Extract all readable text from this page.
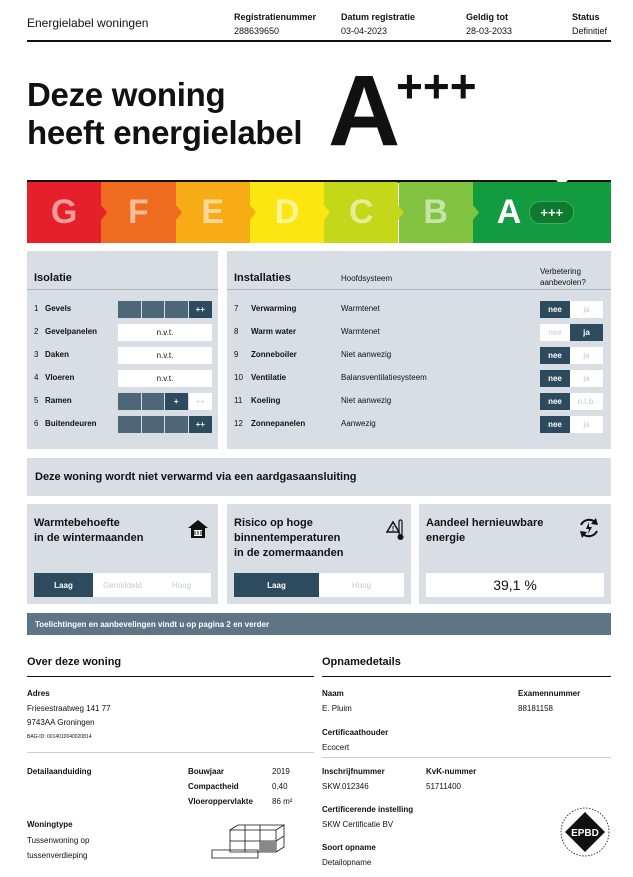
Energielabel woningen	Registratienummer
288639650
Datum registratie
03-04-2023
Geldig tot
28-03-2033
Status
Definitief
Deze woning
heeft energielabel A
+++
G F E D C B A	+++
Isolatie
1 Gevels	++
2 Gevelpanelen	n.v.t.
3 Daken	n.v.t.
4 Vloeren	n.v.t.
5 Ramen	+	++
6 Buitendeuren	++
Installaties	Hoofdsysteem
Verbetering
aanbevolen?
7 Verwarming	Warmtenet	nee	ja
8 Warm water	Warmtenet	nee	ja
9 Zonneboiler	Niet aanwezig	nee	ja
10 Ventilatie	Balansventilatiesysteem	nee	ja
11 Koeling	Niet aanwezig	nee	n.t.b.
12 Zonnepanelen	Aanwezig	nee	ja
Deze woning wordt niet verwarmd via een aardgasaansluiting
Warmtebehoefte
in de wintermaanden
Laag	Gemiddeld	Hoog
Risico op hoge
binnentemperaturen
in de zomermaanden
!
Laag	Hoog
Aandeel hernieuwbare
energie
39,1 %
Toelichtingen en aanbevelingen vindt u op pagina 2 en verder
Over deze woning
Adres
Friesestraatweg 141 77
9743AA Groningen
BAG-ID: 0014010040020814
Detailaanduiding	Bouwjaar	2019
Compactheid	0,40
Vloeroppervlakte 86 m²
Woningtype
Tussenwoning op
tussenverdieping
Opnamedetails
Naam
E. Pluim
Examennummer
88181158
Certificaathouder
Ecocert
Inschrijfnummer
SKW.012346
KvK-nummer
51711400
Certificerende instelling
SKW Certificatie BV
Soort opname
Detailopname
EPBD
